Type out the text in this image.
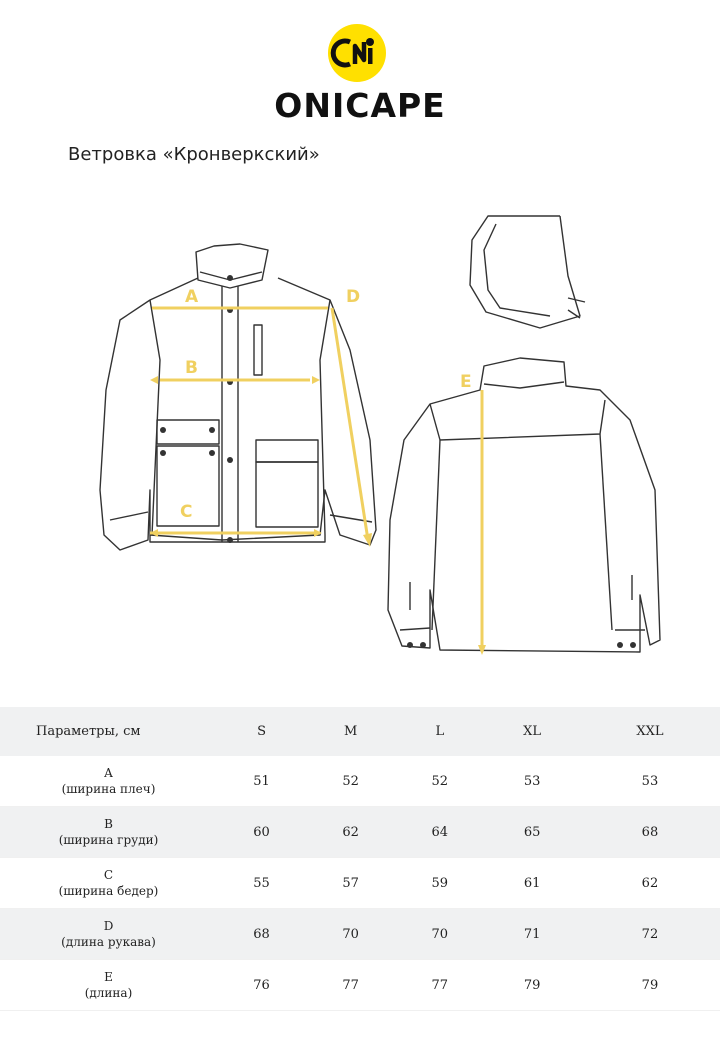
ONICAPE
Ветровка «Кронверкский»
A
B
C
D
E
Параметры, см	S	M	L	XL	XXL

A
(ширина плеч)	51	52	52	53	53

B
(ширина груди)	60	62	64	65	68

C
(ширина бедер)	55	57	59	61	62

D
(длина рукава)	68	70	70	71	72

E
(длина)	76	77	77	79	79
